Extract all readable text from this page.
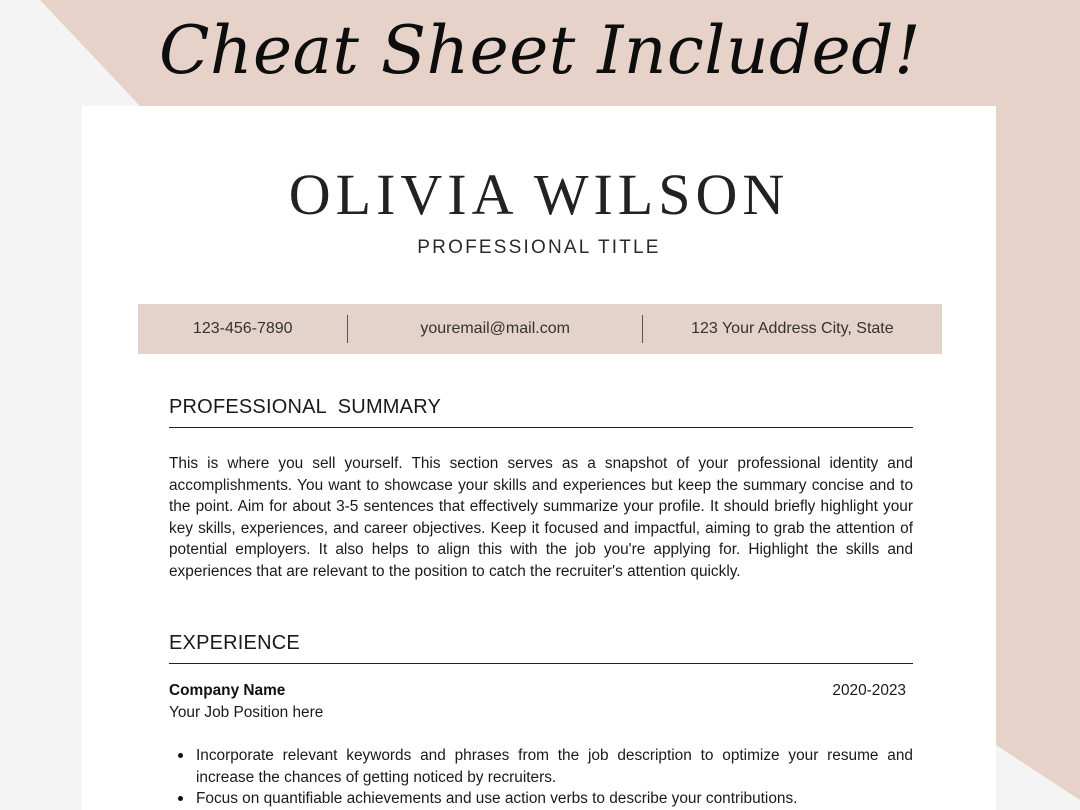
Cheat Sheet Included!
OLIVIA WILSON
PROFESSIONAL TITLE
123-456-7890	youremail@mail.com	123 Your Address City, State
PROFESSIONAL  SUMMARY
This is where you sell yourself. This section serves as a snapshot of your professional identity and accomplishments. You want to showcase your skills and experiences but keep the summary concise and to the point. Aim for about 3-5 sentences that effectively summarize your profile. It should briefly highlight your key skills, experiences, and career objectives. Keep it focused and impactful, aiming to grab the attention of potential employers. It also helps to align this with the job you're applying for. Highlight the skills and experiences that are relevant to the position to catch the recruiter's attention quickly.
EXPERIENCE
Company Name	2020-2023
Your Job Position here
Incorporate relevant keywords and phrases from the job description to optimize your resume and increase the chances of getting noticed by recruiters.
Focus on quantifiable achievements and use action verbs to describe your contributions.
